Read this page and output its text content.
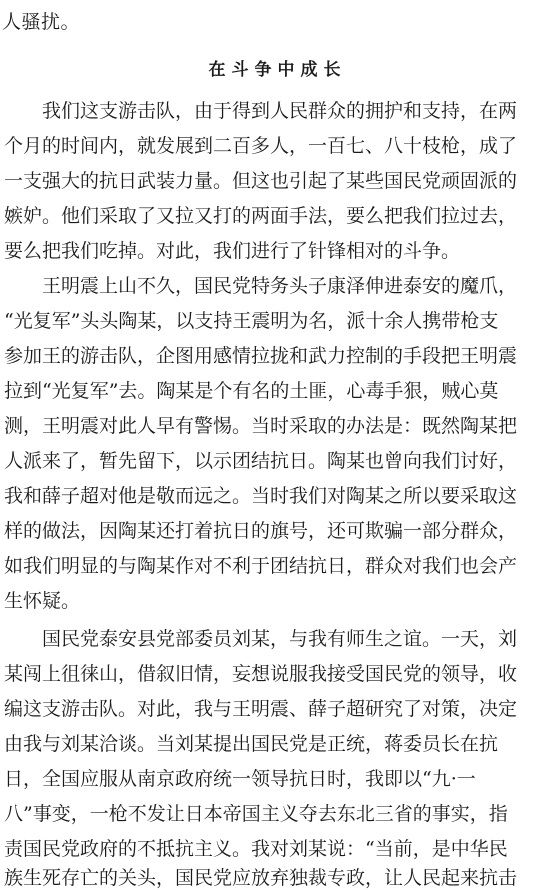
人骚扰。
在斗争中成长
我们这支游击队，由于得到人民群众的拥护和支持，在两
个月的时间内，就发展到二百多人，一百七、八十枝枪，成了
一支强大的抗日武装力量。但这也引起了某些国民党顽固派的
嫉妒。他们采取了又拉又打的两面手法，要么把我们拉过去，
要么把我们吃掉。对此，我们进行了针锋相对的斗争。
王明震上山不久，国民党特务头子康泽伸进泰安的魔爪，
“光复军”头头陶某，以支持王震明为名，派十余人携带枪支
参加王的游击队，企图用感情拉拢和武力控制的手段把王明震
拉到“光复军”去。陶某是个有名的土匪，心毒手狠，贼心莫
测，王明震对此人早有警惕。当时采取的办法是：既然陶某把
人派来了，暂先留下，以示团结抗日。陶某也曾向我们讨好，
我和薛子超对他是敬而远之。当时我们对陶某之所以要采取这
样的做法，因陶某还打着抗日的旗号，还可欺骗一部分群众，
如我们明显的与陶某作对不利于团结抗日，群众对我们也会产
生怀疑。
国民党泰安县党部委员刘某，与我有师生之谊。一天，刘
某闯上徂徕山，借叙旧情，妄想说服我接受国民党的领导，收
编这支游击队。对此，我与王明震、薛子超研究了对策，决定
由我与刘某洽谈。当刘某提出国民党是正统，蒋委员长在抗
日，全国应服从南京政府统一领导抗日时，我即以“九·一
八”事变，一枪不发让日本帝国主义夺去东北三省的事实，指
责国民党政府的不抵抗主义。我对刘某说：“当前，是中华民
族生死存亡的关头，国民党应放弃独裁专政，让人民起来抗击
